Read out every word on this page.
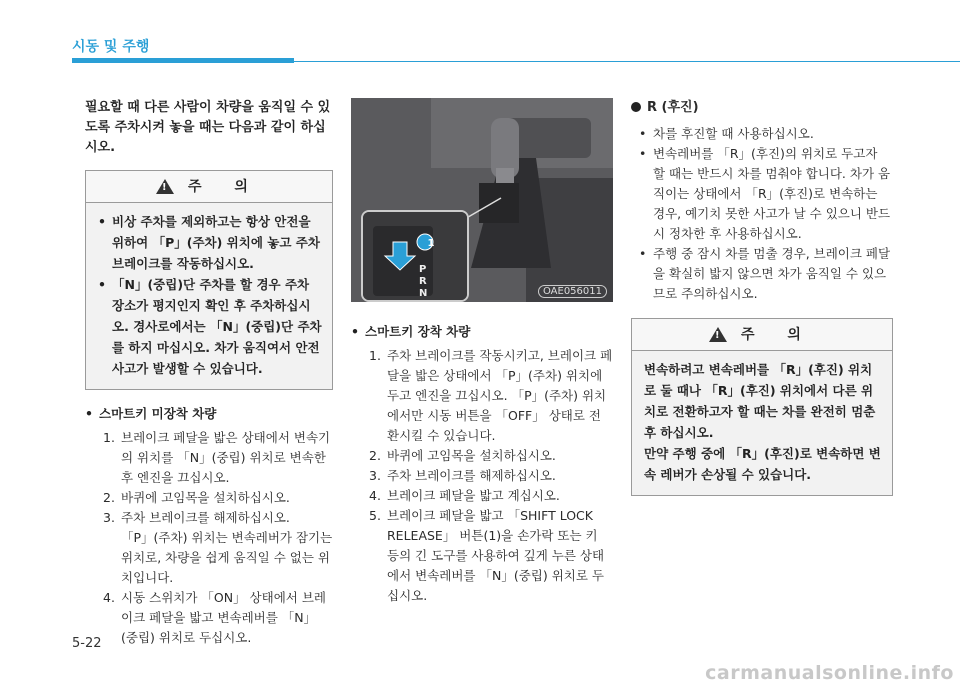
시동 및 주행

필요할 때 다른 사람이 차량을 움직일 수 있도록 주차시켜 놓을 때는 다음과 같이 하십시오.

!
주 의
• 비상 주차를 제외하고는 항상 안전을 위하여 「P」(주차) 위치에 놓고 주차 브레이크를 작동하십시오.
• 「N」(중립)단 주차를 할 경우 주차 장소가 평지인지 확인 후 주차하십시오. 경사로에서는 「N」(중립)단 주차를 하지 마십시오. 차가 움직여서 안전사고가 발생할 수 있습니다.
• 스마트키 미장착 차량
1. 브레이크 페달을 밟은 상태에서 변속기의 위치를 「N」(중립) 위치로 변속한 후 엔진을 끄십시오.
2. 바퀴에 고임목을 설치하십시오.
3. 주차 브레이크를 해제하십시오.
「P」(주차) 위치는 변속레버가 잠기는 위치로, 차량을 쉽게 움직일 수 없는 위치입니다.
4. 시동 스위치가 「ON」 상태에서 브레이크 페달을 밟고 변속레버를 「N」(중립) 위치로 두십시오.
1
P
R
N	OAE056011
• 스마트키 장착 차량
1. 주차 브레이크를 작동시키고, 브레이크 페달을 밟은 상태에서 「P」(주차) 위치에 두고 엔진을 끄십시오. 「P」(주차) 위치에서만 시동 버튼을 「OFF」 상태로 전환시킬 수 있습니다.
2. 바퀴에 고임목을 설치하십시오.
3. 주차 브레이크를 해제하십시오.
4. 브레이크 페달을 밟고 계십시오.
5. 브레이크 페달을 밟고 「SHIFT LOCK RELEASE」 버튼(1)을 손가락 또는 키 등의 긴 도구를 사용하여 깊게 누른 상태에서 변속레버를 「N」(중립) 위치로 두십시오.
R (후진)
• 차를 후진할 때 사용하십시오.
• 변속레버를 「R」(후진)의 위치로 두고자 할 때는 반드시 차를 멈춰야 합니다. 차가 움직이는 상태에서 「R」(후진)로 변속하는 경우, 예기치 못한 사고가 날 수 있으니 반드시 정차한 후 사용하십시오.
• 주행 중 잠시 차를 멈출 경우, 브레이크 페달을 확실히 밟지 않으면 차가 움직일 수 있으므로 주의하십시오.
!
주 의

변속하려고 변속레버를 「R」(후진) 위치로 둘 때나 「R」(후진) 위치에서 다른 위치로 전환하고자 할 때는 차를 완전히 멈춘 후 하십시오.

만약 주행 중에 「R」(후진)로 변속하면 변속 레버가 손상될 수 있습니다.

5-22
carmanualsonline.info
